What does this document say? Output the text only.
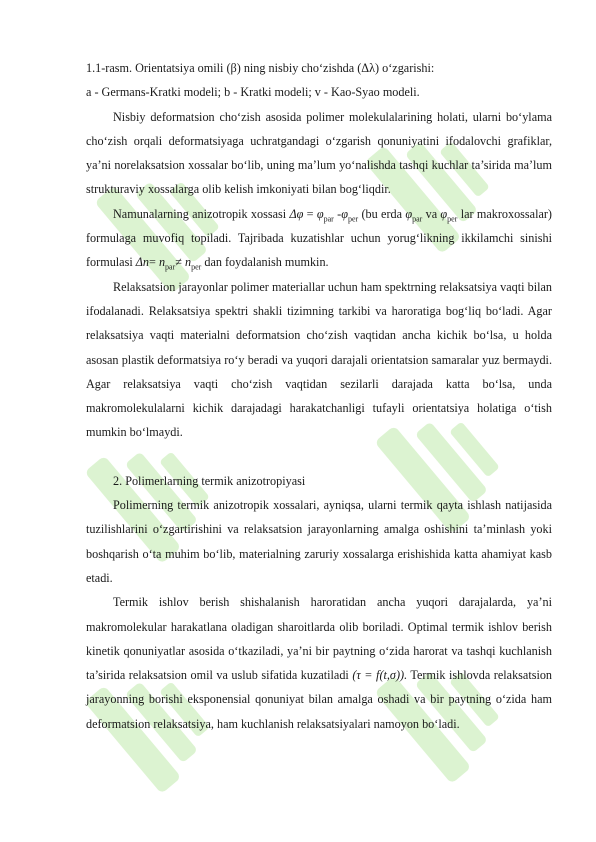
1.1-rasm. Orientatsiya omili (β) ning nisbiy cho‘zishda (Δλ) o‘zgarishi:

a - Germans-Kratki modeli; b - Kratki modeli; v - Kao-Syao modeli.

Nisbiy deformatsion cho‘zish asosida polimer molekulalarining holati, ularni bo‘ylama cho‘zish orqali deformatsiyaga uchratgandagi o‘zgarish qonuniyatini ifodalovchi grafiklar, ya’ni norelaksatsion xossalar bo‘lib, uning ma’lum yo‘nalishda tashqi kuchlar ta’sirida ma’lum strukturaviy xossalarga olib kelish imkoniyati bilan bog‘liqdir.

Namunalarning anizotropik xossasi $\Delta\varphi = \varphi_{par}$ $-\varphi_{per}$ (bu erda $\varphi_{par}$ va $\varphi_{per}$ lar makroxossalar) formulaga muvofiq topiladi. Tajribada kuzatishlar uchun yorug‘likning ikkilamchi sinishi formulasi $\Delta n= n_{par}\ne n_{per}$ dan foydalanish mumkin.

Relaksatsion jarayonlar polimer materiallar uchun ham spektrning relaksatsiya vaqti bilan ifodalanadi. Relaksatsiya spektri shakli tizimning tarkibi va haroratiga bog‘liq bo‘ladi. Agar relaksatsiya vaqti materialni deformatsion cho‘zish vaqtidan ancha kichik bo‘lsa, u holda asosan plastik deformatsiya ro‘y beradi va yuqori darajali orientatsion samaralar yuz bermaydi. Agar relaksatsiya vaqti cho‘zish vaqtidan sezilarli darajada katta bo‘lsa, unda makromolekulalarni kichik darajadagi harakatchanligi tufayli orientatsiya holatiga o‘tish mumkin bo‘lmaydi.

2. Polimerlarning termik anizotropiyasi

Polimerning termik anizotropik xossalari, ayniqsa, ularni termik qayta ishlash natijasida tuzilishlarini o‘zgartirishini va relaksatsion jarayonlarning amalga oshishini ta’minlash yoki boshqarish o‘ta muhim bo‘lib, materialning zaruriy xossalarga erishishida katta ahamiyat kasb etadi.

Termik ishlov berish shishalanish haroratidan ancha yuqori darajalarda, ya’ni makromolekular harakatlana oladigan sharoitlarda olib boriladi. Optimal termik ishlov berish kinetik qonuniyatlar asosida o‘tkaziladi, ya’ni bir paytning o‘zida harorat va tashqi kuchlanish ta’sirida relaksatsion omil va uslub sifatida kuzatiladi (τ = f(t,σ)). Termik ishlovda relaksatsion jarayonning borishi eksponensial qonuniyat bilan amalga oshadi va bir paytning o‘zida ham deformatsion relaksatsiya, ham kuchlanish relaksatsiyalari namoyon bo‘ladi.
